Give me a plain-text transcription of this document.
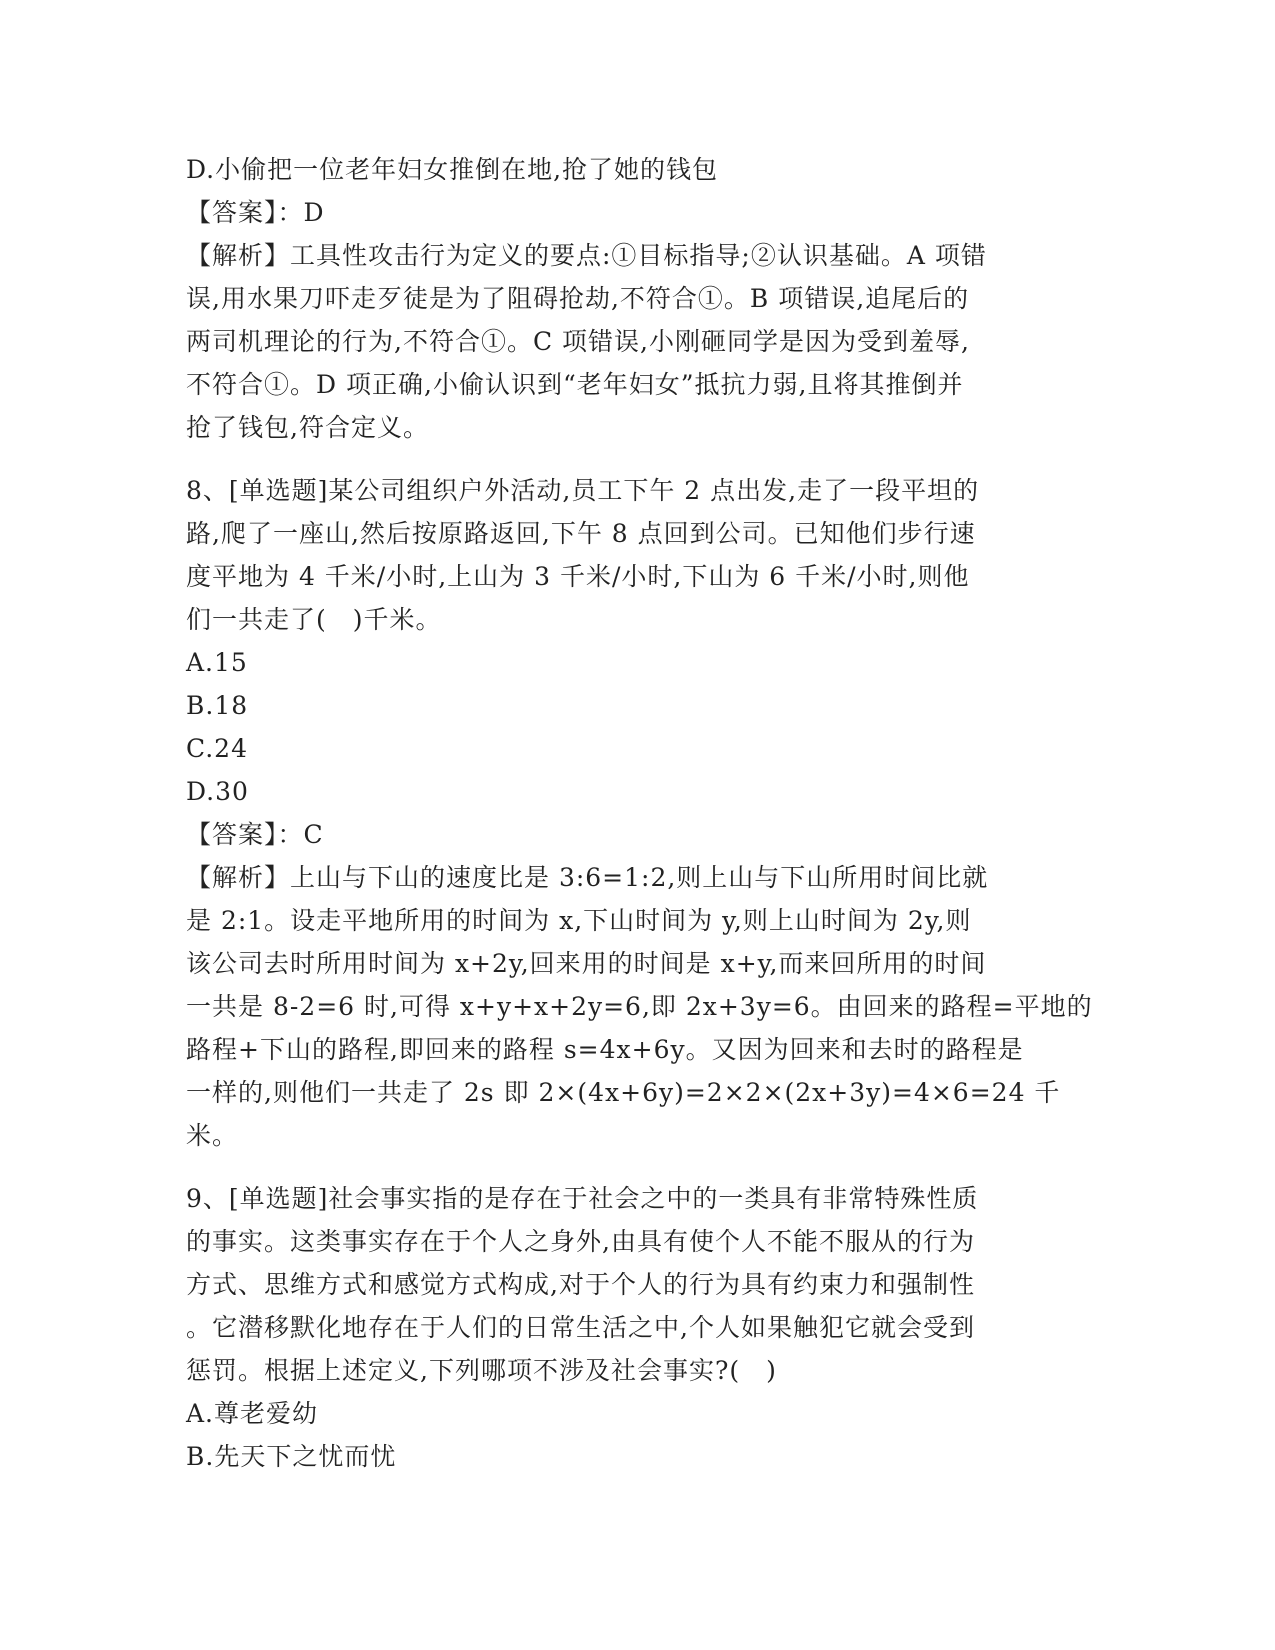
D.小偷把一位老年妇女推倒在地,抢了她的钱包
【答案】：D
【解析】工具性攻击行为定义的要点:①目标指导;②认识基础。A 项错
误,用水果刀吓走歹徒是为了阻碍抢劫,不符合①。B 项错误,追尾后的
两司机理论的行为,不符合①。C 项错误,小刚砸同学是因为受到羞辱,
不符合①。D 项正确,小偷认识到“老年妇女”抵抗力弱,且将其推倒并
抢了钱包,符合定义。
8、[单选题]某公司组织户外活动,员工下午 2 点出发,走了一段平坦的
路,爬了一座山,然后按原路返回,下午 8 点回到公司。已知他们步行速
度平地为 4 千米/小时,上山为 3 千米/小时,下山为 6 千米/小时,则他
们一共走了(　)千米。
A.15
B.18
C.24
D.30
【答案】：C
【解析】上山与下山的速度比是 3:6=1:2,则上山与下山所用时间比就
是 2:1。设走平地所用的时间为 x,下山时间为 y,则上山时间为 2y,则
该公司去时所用时间为 x+2y,回来用的时间是 x+y,而来回所用的时间
一共是 8-2=6 时,可得 x+y+x+2y=6,即 2x+3y=6。由回来的路程=平地的
路程+下山的路程,即回来的路程 s=4x+6y。又因为回来和去时的路程是
一样的,则他们一共走了 2s 即 2×(4x+6y)=2×2×(2x+3y)=4×6=24 千
米。
9、[单选题]社会事实指的是存在于社会之中的一类具有非常特殊性质
的事实。这类事实存在于个人之身外,由具有使个人不能不服从的行为
方式、思维方式和感觉方式构成,对于个人的行为具有约束力和强制性
。它潜移默化地存在于人们的日常生活之中,个人如果触犯它就会受到
惩罚。根据上述定义,下列哪项不涉及社会事实?(　)
A.尊老爱幼
B.先天下之忧而忧
